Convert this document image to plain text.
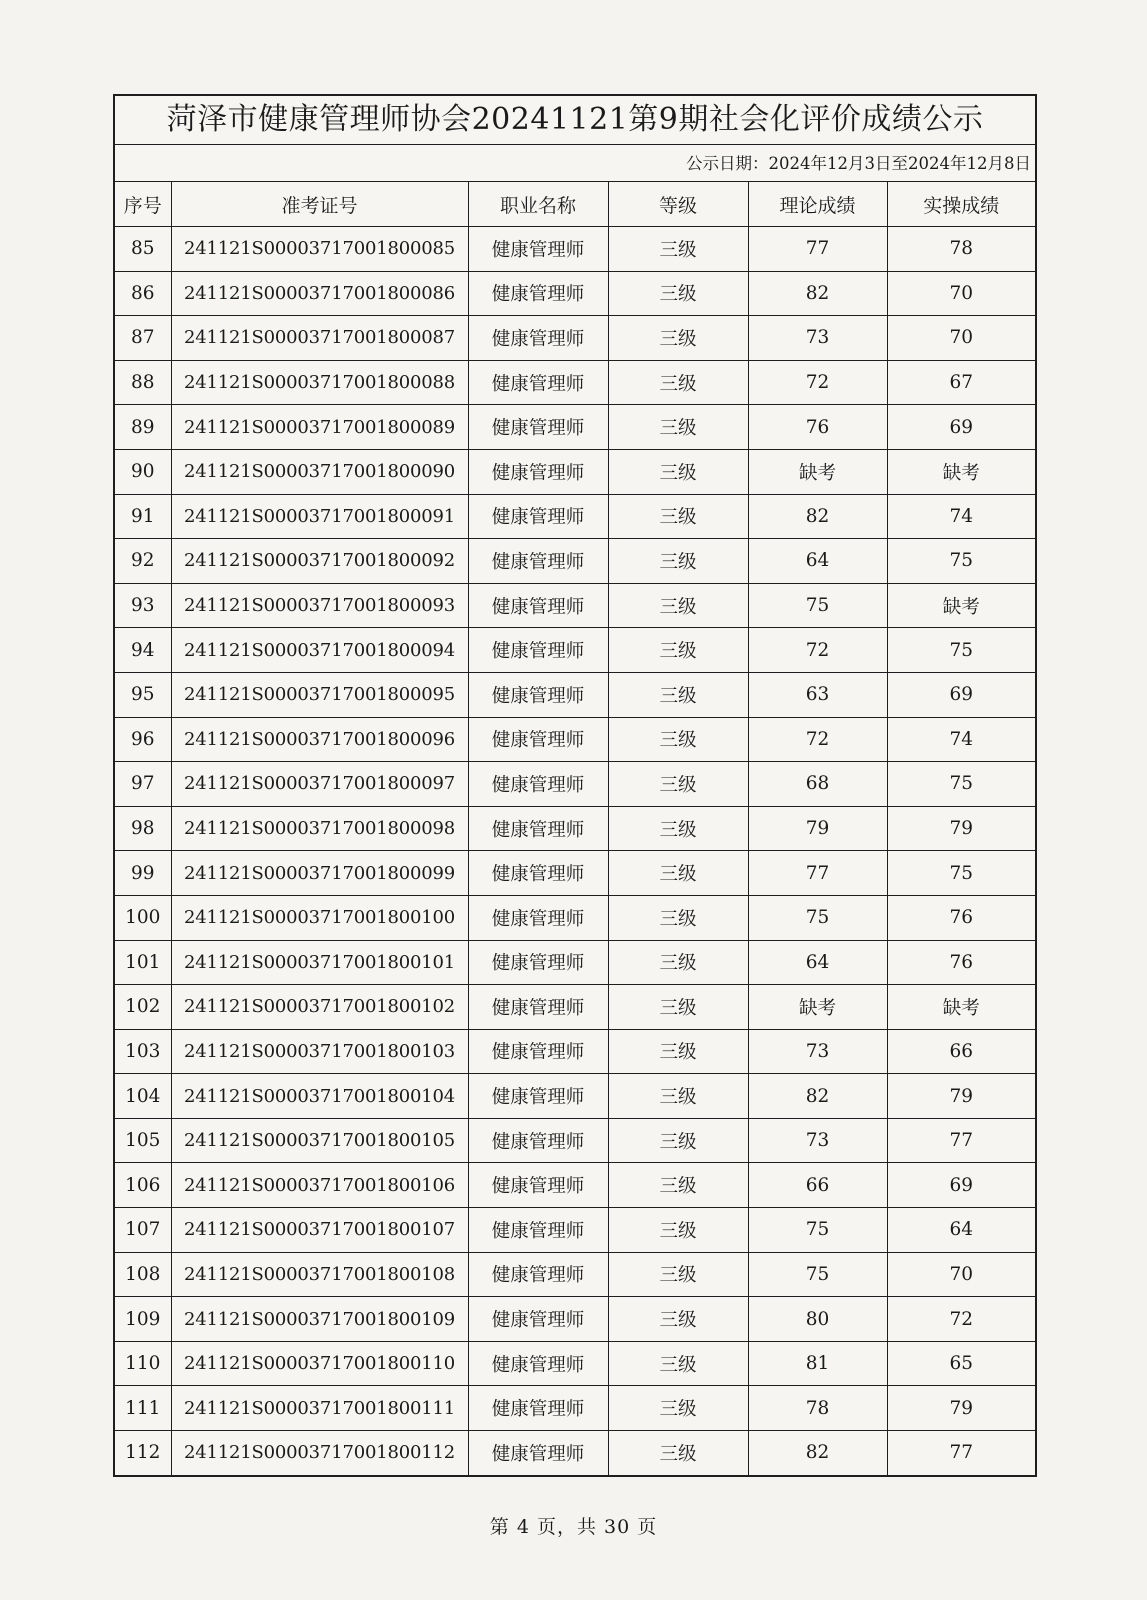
菏泽市健康管理师协会20241121第9期社会化评价成绩公示
公示日期：2024年12月3日至2024年12月8日
序号	准考证号	职业名称	等级	理论成绩	实操成绩
85	241121S00003717001800085	健康管理师	三级	77	78
86	241121S00003717001800086	健康管理师	三级	82	70
87	241121S00003717001800087	健康管理师	三级	73	70
88	241121S00003717001800088	健康管理师	三级	72	67
89	241121S00003717001800089	健康管理师	三级	76	69
90	241121S00003717001800090	健康管理师	三级	缺考	缺考
91	241121S00003717001800091	健康管理师	三级	82	74
92	241121S00003717001800092	健康管理师	三级	64	75
93	241121S00003717001800093	健康管理师	三级	75	缺考
94	241121S00003717001800094	健康管理师	三级	72	75
95	241121S00003717001800095	健康管理师	三级	63	69
96	241121S00003717001800096	健康管理师	三级	72	74
97	241121S00003717001800097	健康管理师	三级	68	75
98	241121S00003717001800098	健康管理师	三级	79	79
99	241121S00003717001800099	健康管理师	三级	77	75
100	241121S00003717001800100	健康管理师	三级	75	76
101	241121S00003717001800101	健康管理师	三级	64	76
102	241121S00003717001800102	健康管理师	三级	缺考	缺考
103	241121S00003717001800103	健康管理师	三级	73	66
104	241121S00003717001800104	健康管理师	三级	82	79
105	241121S00003717001800105	健康管理师	三级	73	77
106	241121S00003717001800106	健康管理师	三级	66	69
107	241121S00003717001800107	健康管理师	三级	75	64
108	241121S00003717001800108	健康管理师	三级	75	70
109	241121S00003717001800109	健康管理师	三级	80	72
110	241121S00003717001800110	健康管理师	三级	81	65
111	241121S00003717001800111	健康管理师	三级	78	79
112	241121S00003717001800112	健康管理师	三级	82	77
第 4 页，共 30 页
